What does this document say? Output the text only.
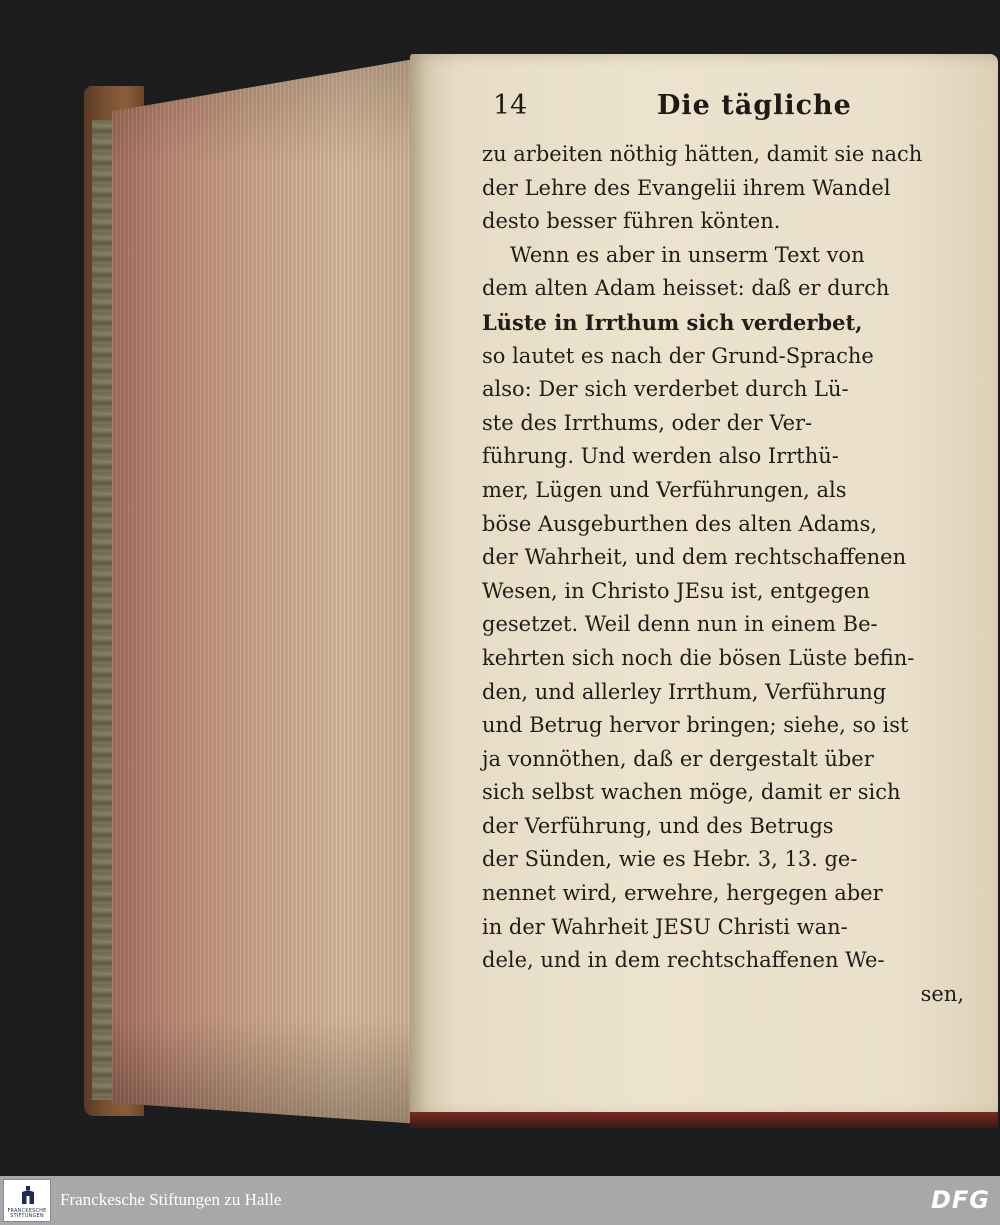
14	Die tägliche
zu arbeiten nöthig hätten, damit sie nach
der Lehre des Evangelii ihrem Wandel
desto besser führen könten.
Wenn es aber in unserm Text von
dem alten Adam heisset: daß er durch
Lüste in Irrthum sich verderbet,
so lautet es nach der Grund-Sprache
also: Der sich verderbet durch Lü-
ste des Irrthums, oder der Ver-
führung. Und werden also Irrthü-
mer, Lügen und Verführungen, als
böse Ausgeburthen des alten Adams,
der Wahrheit, und dem rechtschaffenen
Wesen, in Christo JEsu ist, entgegen
gesetzet. Weil denn nun in einem Be-
kehrten sich noch die bösen Lüste befin-
den, und allerley Irrthum, Verführung
und Betrug hervor bringen; siehe, so ist
ja vonnöthen, daß er dergestalt über
sich selbst wachen möge, damit er sich
der Verführung, und des Betrugs
der Sünden, wie es Hebr. 3, 13. ge-
nennet wird, erwehre, hergegen aber
in der Wahrheit JESU Christi wan-
dele, und in dem rechtschaffenen We-
sen,
FRANCKESCHE STIFTUNGEN
Franckesche Stiftungen zu Halle	DFG
